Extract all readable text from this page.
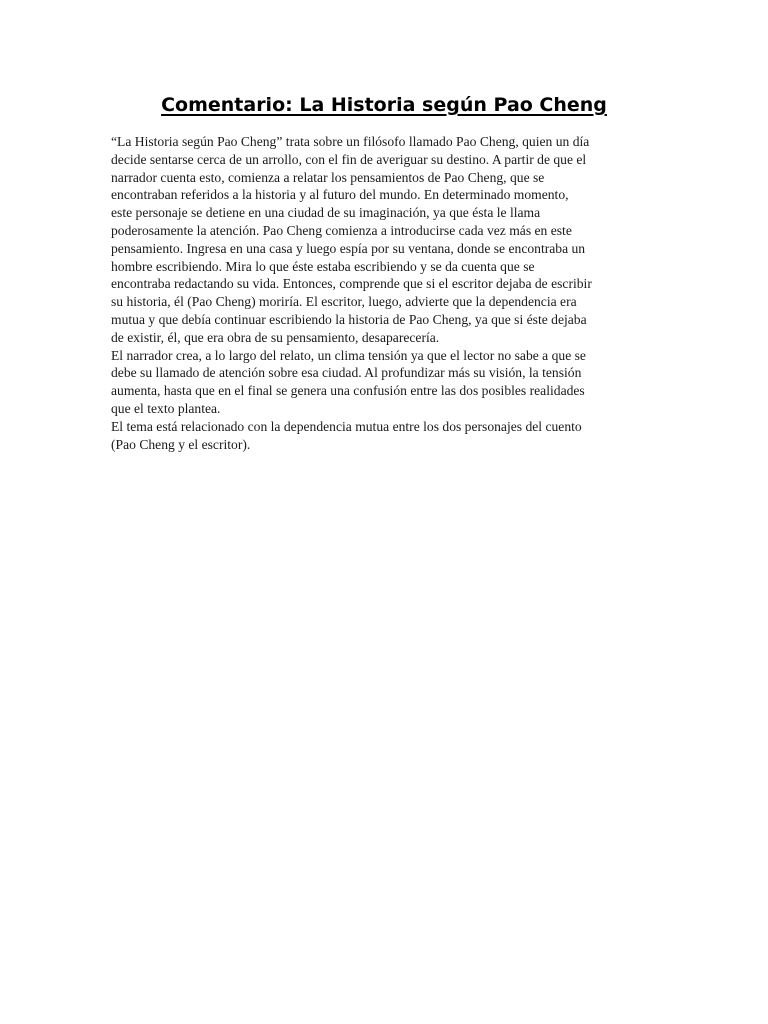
Comentario: La Historia según Pao Cheng
“La Historia según Pao Cheng” trata sobre un filósofo llamado Pao Cheng, quien un día
decide sentarse cerca de un arrollo, con el fin de averiguar su destino. A partir de que el
narrador cuenta esto, comienza a relatar los pensamientos de Pao Cheng, que se
encontraban referidos a la historia y al futuro del mundo. En determinado momento,
este personaje se detiene en una ciudad de su imaginación, ya que ésta le llama
poderosamente la atención. Pao Cheng comienza a introducirse cada vez más en este
pensamiento. Ingresa en una casa y luego espía por su ventana, donde se encontraba un
hombre escribiendo. Mira lo que éste estaba escribiendo y se da cuenta que se
encontraba redactando su vida. Entonces, comprende que si el escritor dejaba de escribir
su historia, él (Pao Cheng) moriría. El escritor, luego, advierte que la dependencia era
mutua y que debía continuar escribiendo la historia de Pao Cheng, ya que si éste dejaba
de existir, él, que era obra de su pensamiento, desaparecería.
El narrador crea, a lo largo del relato, un clima tensión ya que el lector no sabe a que se
debe su llamado de atención sobre esa ciudad. Al profundizar más su visión, la tensión
aumenta, hasta que en el final se genera una confusión entre las dos posibles realidades
que el texto plantea.
El tema está relacionado con la dependencia mutua entre los dos personajes del cuento
(Pao Cheng y el escritor).
